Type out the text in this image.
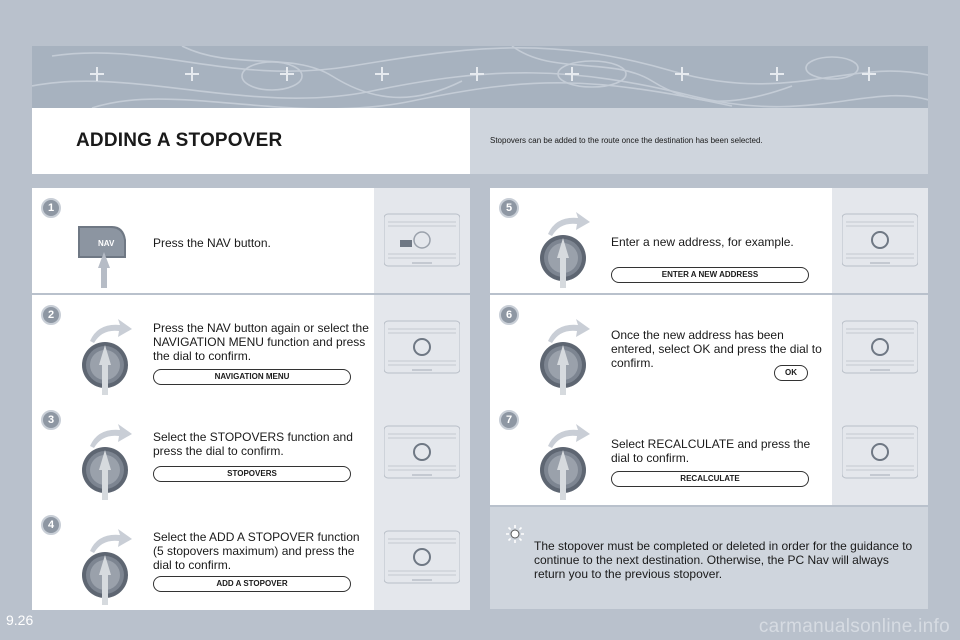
ADDING A STOPOVER	Stopovers can be added to the route once the destination has been selected.

1
NAV	Press the NAV button.
2
Press the NAV button again or select the NAVIGATION MENU function and press the dial to confirm.
NAVIGATION MENU
3
Select the STOPOVERS function and press the dial to confirm.
STOPOVERS
4
Select the ADD A STOPOVER function (5 stopovers maximum) and press the dial to confirm.
ADD A STOPOVER
5
Enter a new address, for example.
ENTER A NEW ADDRESS
6
Once the new address has been entered, select OK and press the dial to confirm.
OK
7
Select RECALCULATE and press the dial to confirm.
RECALCULATE

The stopover must be completed or deleted in order for the guidance to continue to the next destination. Otherwise, the PC Nav will always return you to the previous stopover.

9.26	carmanualsonline.info
